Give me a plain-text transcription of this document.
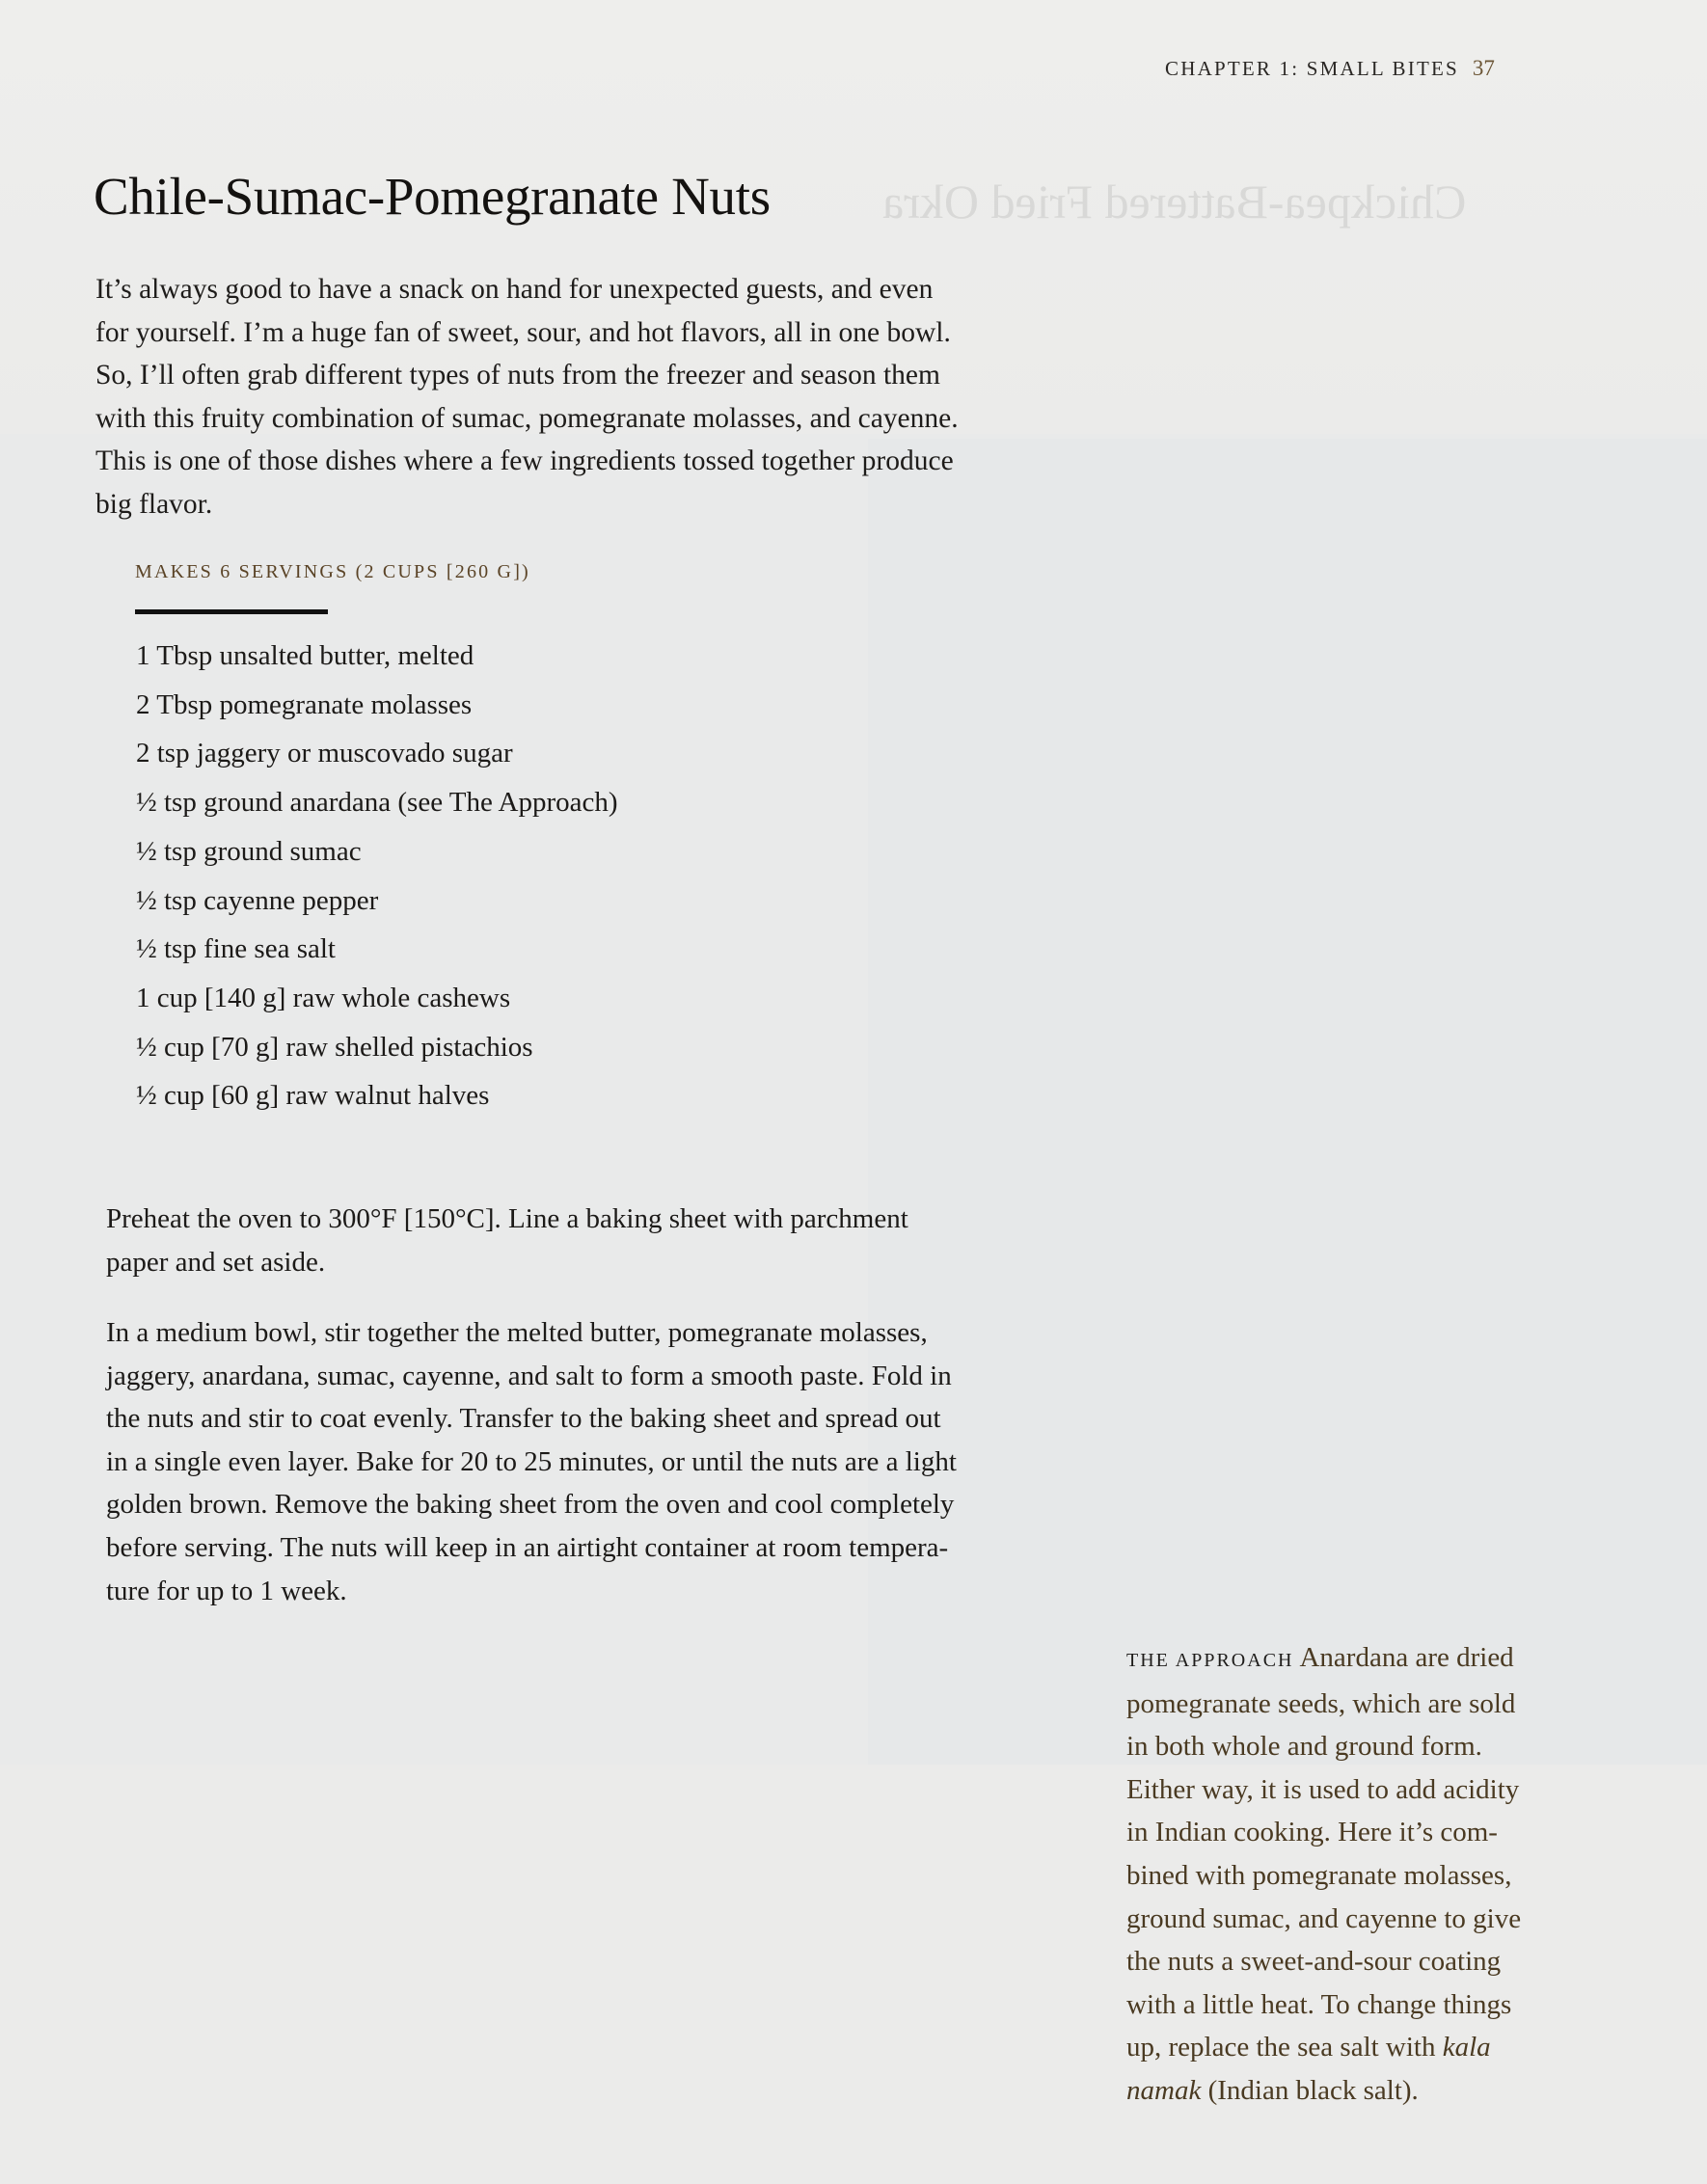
Chickpea-Battered Fried Okra
CHAPTER 1: SMALL BITES 37
Chile-Sumac-Pomegranate Nuts

It’s always good to have a snack on hand for unexpected guests, and even
for yourself. I’m a huge fan of sweet, sour, and hot flavors, all in one bowl.
So, I’ll often grab different types of nuts from the freezer and season them
with this fruity combination of sumac, pomegranate molasses, and cayenne.
This is one of those dishes where a few ingredients tossed together produce
big flavor.

MAKES 6 SERVINGS (2 CUPS [260 G])
1 Tbsp unsalted butter, melted
2 Tbsp pomegranate molasses
2 tsp jaggery or muscovado sugar
½ tsp ground anardana (see The Approach)
½ tsp ground sumac
½ tsp cayenne pepper
½ tsp fine sea salt
1 cup [140 g] raw whole cashews
½ cup [70 g] raw shelled pistachios
½ cup [60 g] raw walnut halves

Preheat the oven to 300°F [150°C]. Line a baking sheet with parchment
paper and set aside.

In a medium bowl, stir together the melted butter, pomegranate molasses,
jaggery, anardana, sumac, cayenne, and salt to form a smooth paste. Fold in
the nuts and stir to coat evenly. Transfer to the baking sheet and spread out
in a single even layer. Bake for 20 to 25 minutes, or until the nuts are a light
golden brown. Remove the baking sheet from the oven and cool completely
before serving. The nuts will keep in an airtight container at room tempera-
ture for up to 1 week.

THE APPROACH Anardana are dried
pomegranate seeds, which are sold
in both whole and ground form.
Either way, it is used to add acidity
in Indian cooking. Here it’s com-
bined with pomegranate molasses,
ground sumac, and cayenne to give
the nuts a sweet-and-sour coating
with a little heat. To change things
up, replace the sea salt with kala
namak (Indian black salt).
